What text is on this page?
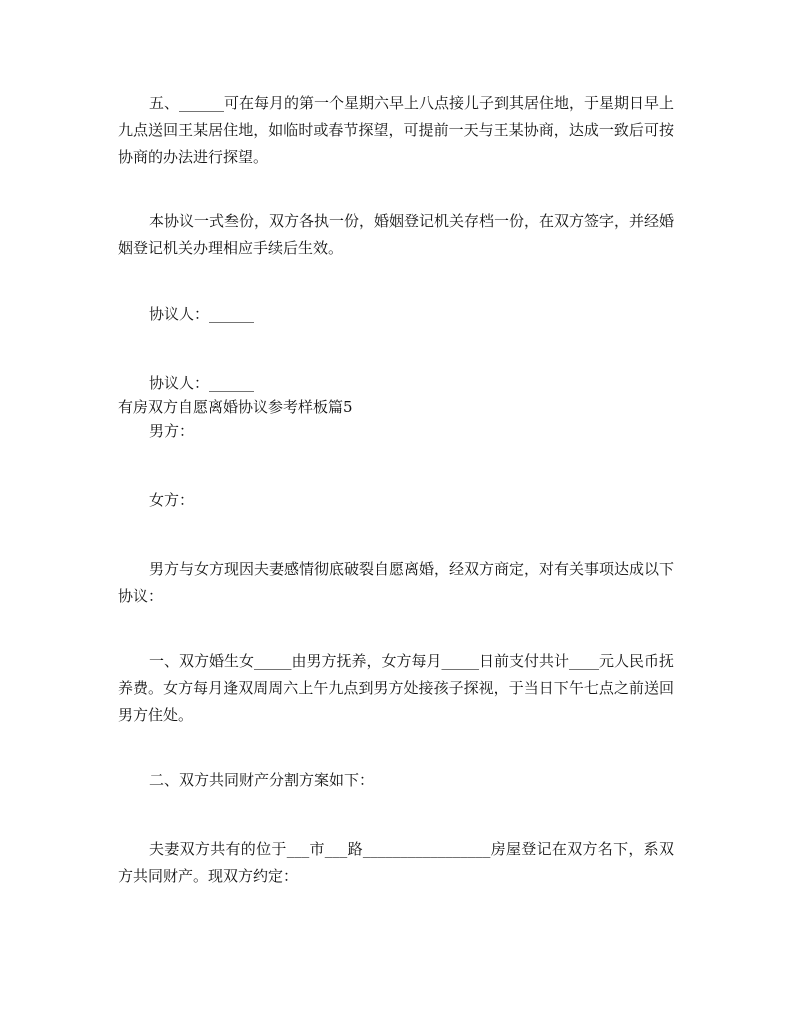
五、______可在每月的第一个星期六早上八点接儿子到其居住地，于星期日早上九点送回王某居住地，如临时或春节探望，可提前一天与王某协商，达成一致后可按协商的办法进行探望。

本协议一式叁份，双方各执一份，婚姻登记机关存档一份，在双方签字，并经婚姻登记机关办理相应手续后生效。

协议人：______

协议人：______

有房双方自愿离婚协议参考样板篇5

男方：

女方：

男方与女方现因夫妻感情彻底破裂自愿离婚，经双方商定，对有关事项达成以下协议：

一、双方婚生女_____由男方抚养，女方每月_____日前支付共计____元人民币抚养费。女方每月逢双周周六上午九点到男方处接孩子探视，于当日下午七点之前送回男方住处。

二、双方共同财产分割方案如下：

夫妻双方共有的位于___市___路_________________房屋登记在双方名下，系双方共同财产。现双方约定：
